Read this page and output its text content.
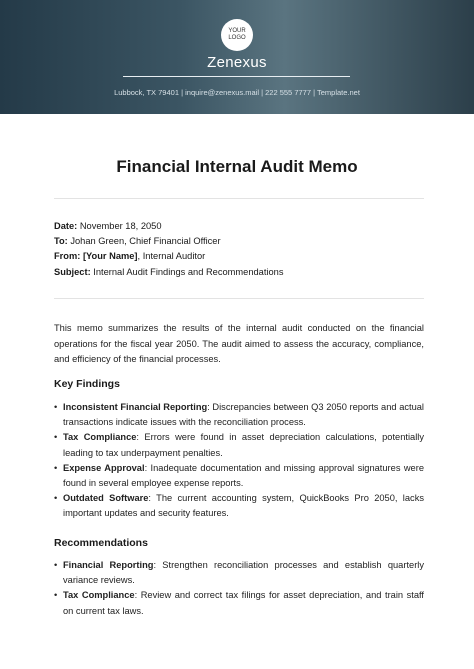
YOUR LOGO
Zenexus
Lubbock, TX 79401 | inquire@zenexus.mail | 222 555 7777 | Template.net
Financial Internal Audit Memo
Date: November 18, 2050
To: Johan Green, Chief Financial Officer
From: [Your Name], Internal Auditor
Subject: Internal Audit Findings and Recommendations
This memo summarizes the results of the internal audit conducted on the financial operations for the fiscal year 2050. The audit aimed to assess the accuracy, compliance, and efficiency of the financial processes.
Key Findings
• Inconsistent Financial Reporting: Discrepancies between Q3 2050 reports and actual transactions indicate issues with the reconciliation process.
• Tax Compliance: Errors were found in asset depreciation calculations, potentially leading to tax underpayment penalties.
• Expense Approval: Inadequate documentation and missing approval signatures were found in several employee expense reports.
• Outdated Software: The current accounting system, QuickBooks Pro 2050, lacks important updates and security features.
Recommendations
• Financial Reporting: Strengthen reconciliation processes and establish quarterly variance reviews.
• Tax Compliance: Review and correct tax filings for asset depreciation, and train staff on current tax laws.
